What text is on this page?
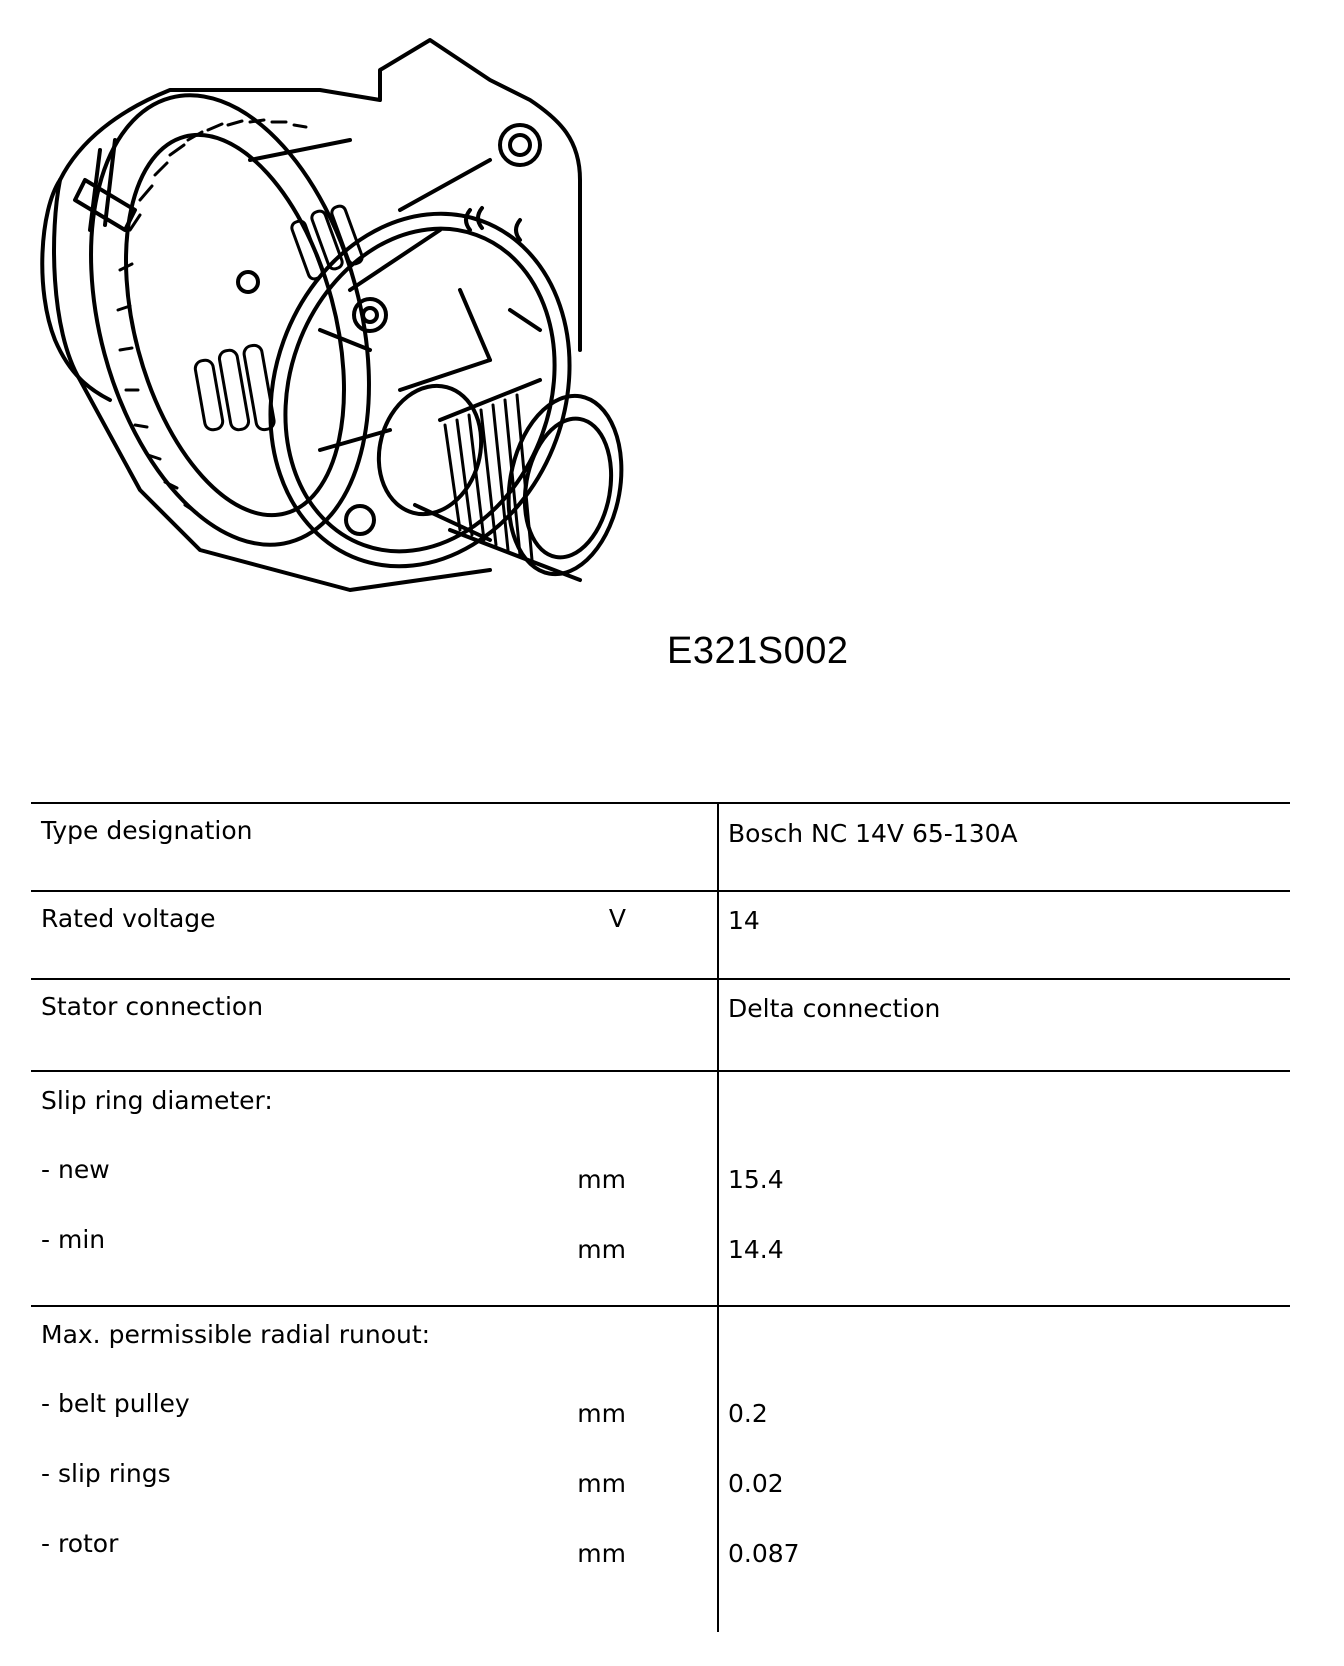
E321S002
Type designation	Bosch NC 14V 65-130A
Rated voltage	V	14
Stator connection	Delta connection
Slip ring diameter:
- new	mm	15.4
- min	mm	14.4
Max. permissible radial runout:
- belt pulley	mm	0.2
- slip rings	mm	0.02
- rotor	mm	0.087
